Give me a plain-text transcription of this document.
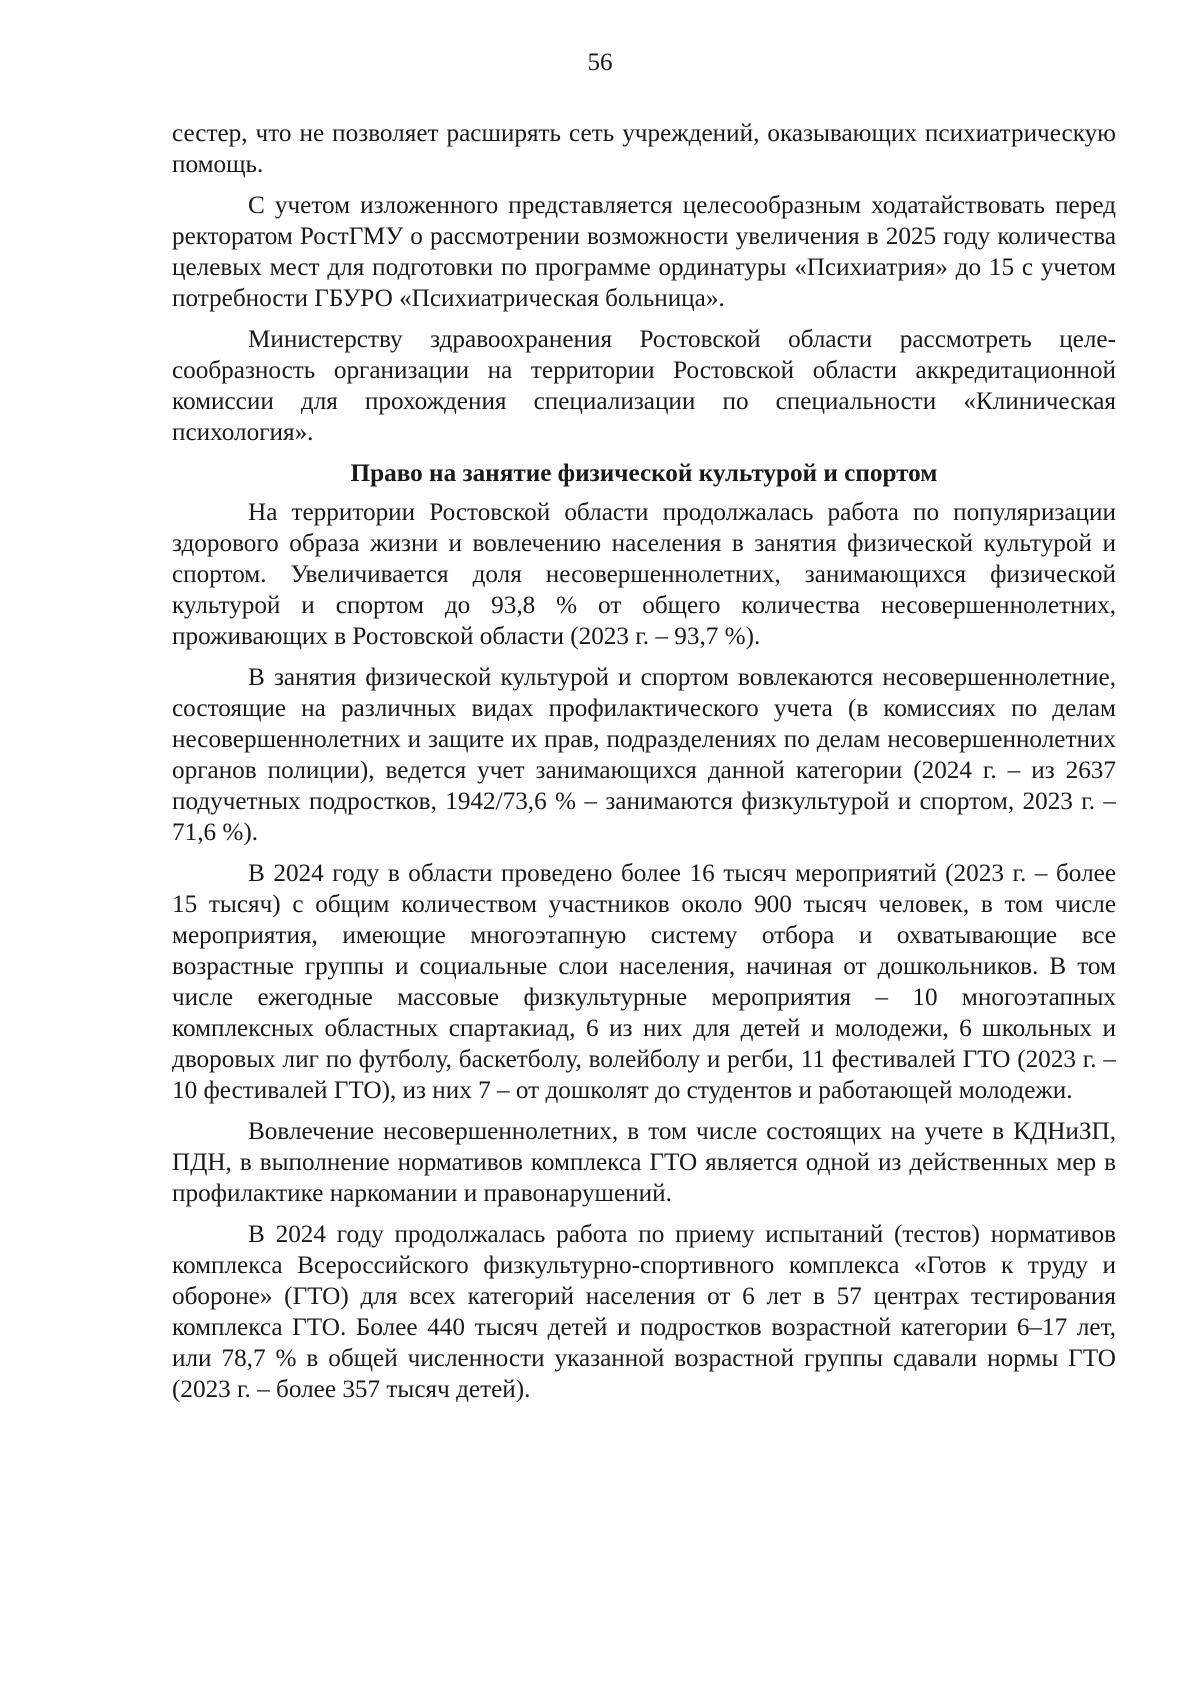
56

сестер, что не позволяет расширять сеть учреждений, оказывающих психиатрическую помощь.

С учетом изложенного представляется целесообразным ходатайствовать перед ректоратом РостГМУ о рассмотрении возможности увеличения в 2025 году количества целевых мест для подготовки по программе ординатуры «Психиатрия» до 15 с учетом потребности ГБУРО «Психиатрическая больница».

Министерству здравоохранения Ростовской области рассмотреть целесообразность организации на территории Ростовской области аккредитационной комиссии для прохождения специализации по специальности «Клиническая психология».

Право на занятие физической культурой и спортом

На территории Ростовской области продолжалась работа по популяризации здорового образа жизни и вовлечению населения в занятия физической культурой и спортом. Увеличивается доля несовершеннолетних, занимающихся физической культурой и спортом до 93,8 % от общего количества несовершеннолетних, проживающих в Ростовской области (2023 г. – 93,7 %).

В занятия физической культурой и спортом вовлекаются несовершеннолетние, состоящие на различных видах профилактического учета (в комиссиях по делам несовершеннолетних и защите их прав, подразделениях по делам несовершеннолетних органов полиции), ведется учет занимающихся данной категории (2024 г. – из 2637 подучетных подростков, 1942/73,6 % – занимаются физкультурой и спортом, 2023 г. – 71,6 %).

В 2024 году в области проведено более 16 тысяч мероприятий (2023 г. – более 15 тысяч) с общим количеством участников около 900 тысяч человек, в том числе мероприятия, имеющие многоэтапную систему отбора и охватывающие все возрастные группы и социальные слои населения, начиная от дошкольников. В том числе ежегодные массовые физкультурные мероприятия – 10 многоэтапных комплексных областных спартакиад, 6 из них для детей и молодежи, 6 школьных и дворовых лиг по футболу, баскетболу, волейболу и регби, 11 фестивалей ГТО (2023 г. – 10 фестивалей ГТО), из них 7 – от дошколят до студентов и работающей молодежи.

Вовлечение несовершеннолетних, в том числе состоящих на учете в КДНиЗП, ПДН, в выполнение нормативов комплекса ГТО является одной из действенных мер в профилактике наркомании и правонарушений.

В 2024 году продолжалась работа по приему испытаний (тестов) нормативов комплекса Всероссийского физкультурно-спортивного комплекса «Готов к труду и обороне» (ГТО) для всех категорий населения от 6 лет в 57 центрах тестирования комплекса ГТО. Более 440 тысяч детей и подростков возрастной категории 6–17 лет, или 78,7 % в общей численности указанной возрастной группы сдавали нормы ГТО (2023 г. – более 357 тысяч детей).
